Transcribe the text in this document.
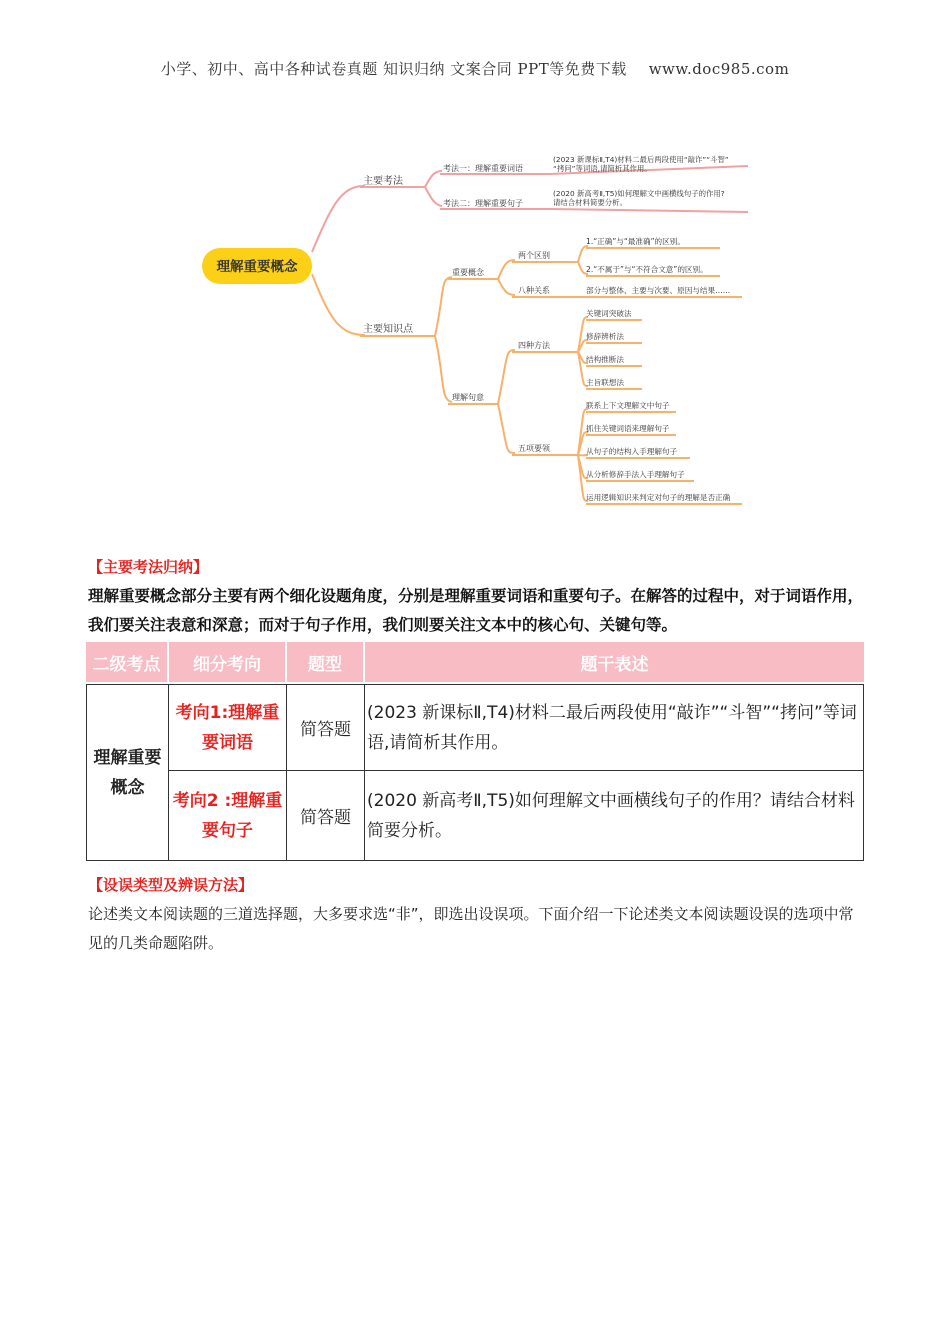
小学、初中、高中各种试卷真题 知识归纳 文案合同 PPT等免费下载 www.doc985.com
理解重要概念
主要考法
考法一：理解重要词语
(2023 新课标Ⅱ,T4)材料二最后两段使用“敲诈”“斗智”
“拷问”等词语,请简析其作用。
考法二：理解重要句子
(2020 新高考Ⅱ,T5)如何理解文中画横线句子的作用?
请结合材料简要分析。
主要知识点
重要概念
两个区别
1.“正确”与“最准确”的区别。
2.“不属于”与“不符合文意”的区别。
八种关系	部分与整体、主要与次要、原因与结果……
理解句意
四种方法
关键词突破法
修辞辨析法
结构推断法
主旨联想法
五项要领
联系上下文理解文中句子
抓住关键词语来理解句子
从句子的结构入手理解句子
从分析修辞手法入手理解句子
运用逻辑知识来判定对句子的理解是否正确
【主要考法归纳】
理解重要概念部分主要有两个细化设题角度，分别是理解重要词语和重要句子。在解答的过程中，对于词语作用，我们要关注表意和深意；而对于句子作用，我们则要关注文本中的核心句、关键句等。
二级考点	细分考向	题型	题干表述

理解重要概念	考向1:理解重要词语	简答题	(2023 新课标Ⅱ,T4)材料二最后两段使用“敲诈”“斗智”“拷问”等词语,请简析其作用。
	考向2 :理解重要句子	简答题	(2020 新高考Ⅱ,T5)如何理解文中画横线句子的作用？请结合材料简要分析。
【设误类型及辨误方法】
论述类文本阅读题的三道选择题，大多要求选“非”，即选出设误项。下面介绍一下论述类文本阅读题设误的选项中常见的几类命题陷阱。
